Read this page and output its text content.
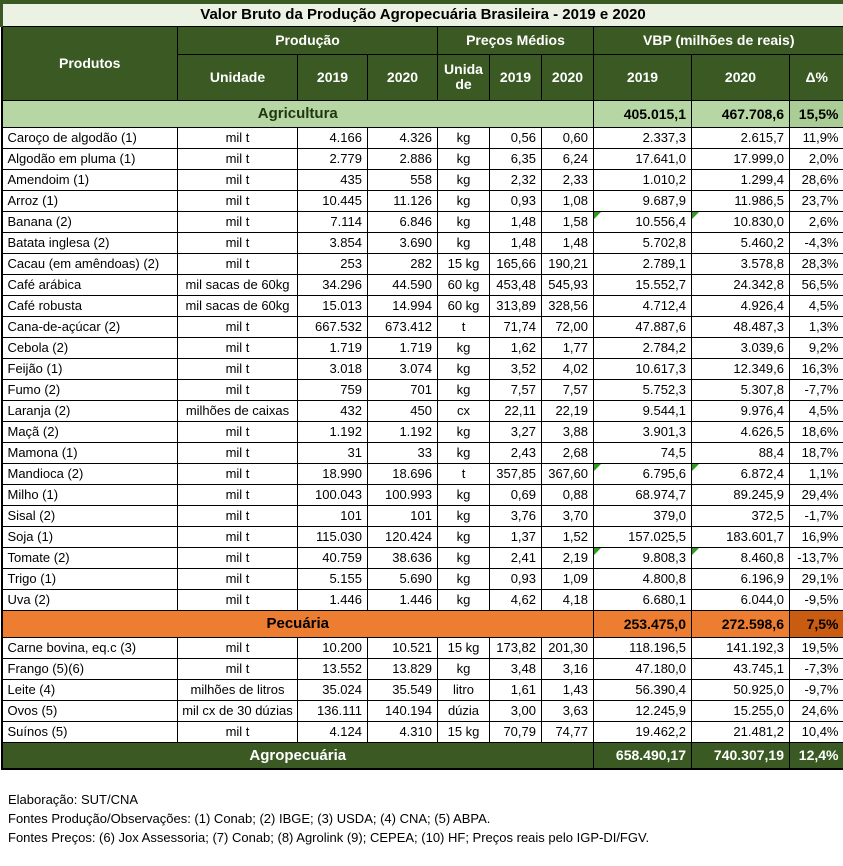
Valor Bruto da Produção Agropecuária Brasileira - 2019 e 2020									
Produtos	Produção			Preços Médios			VBP (milhões de reais)		
	Unidade	2019	2020	Unida de	2019	2020	2019	2020	Δ%
Agricultura							405.015,1	467.708,6	15,5%
Caroço de algodão (1)	mil t	4.166	4.326	kg	0,56	0,60	2.337,3	2.615,7	11,9%
Algodão em pluma (1)	mil t	2.779	2.886	kg	6,35	6,24	17.641,0	17.999,0	2,0%
Amendoim (1)	mil t	435	558	kg	2,32	2,33	1.010,2	1.299,4	28,6%
Arroz (1)	mil t	10.445	11.126	kg	0,93	1,08	9.687,9	11.986,5	23,7%
Banana (2)	mil t	7.114	6.846	kg	1,48	1,58	10.556,4	10.830,0	2,6%
Batata inglesa (2)	mil t	3.854	3.690	kg	1,48	1,48	5.702,8	5.460,2	-4,3%
Cacau (em amêndoas) (2)	mil t	253	282	15 kg	165,66	190,21	2.789,1	3.578,8	28,3%
Café arábica	mil sacas de 60kg	34.296	44.590	60 kg	453,48	545,93	15.552,7	24.342,8	56,5%
Café robusta	mil sacas de 60kg	15.013	14.994	60 kg	313,89	328,56	4.712,4	4.926,4	4,5%
Cana-de-açúcar (2)	mil t	667.532	673.412	t	71,74	72,00	47.887,6	48.487,3	1,3%
Cebola (2)	mil t	1.719	1.719	kg	1,62	1,77	2.784,2	3.039,6	9,2%
Feijão (1)	mil t	3.018	3.074	kg	3,52	4,02	10.617,3	12.349,6	16,3%
Fumo (2)	mil t	759	701	kg	7,57	7,57	5.752,3	5.307,8	-7,7%
Laranja (2)	milhões de caixas	432	450	cx	22,11	22,19	9.544,1	9.976,4	4,5%
Maçã (2)	mil t	1.192	1.192	kg	3,27	3,88	3.901,3	4.626,5	18,6%
Mamona (1)	mil t	31	33	kg	2,43	2,68	74,5	88,4	18,7%
Mandioca (2)	mil t	18.990	18.696	t	357,85	367,60	6.795,6	6.872,4	1,1%
Milho (1)	mil t	100.043	100.993	kg	0,69	0,88	68.974,7	89.245,9	29,4%
Sisal (2)	mil t	101	101	kg	3,76	3,70	379,0	372,5	-1,7%
Soja (1)	mil t	115.030	120.424	kg	1,37	1,52	157.025,5	183.601,7	16,9%
Tomate (2)	mil t	40.759	38.636	kg	2,41	2,19	9.808,3	8.460,8	-13,7%
Trigo (1)	mil t	5.155	5.690	kg	0,93	1,09	4.800,8	6.196,9	29,1%
Uva (2)	mil t	1.446	1.446	kg	4,62	4,18	6.680,1	6.044,0	-9,5%
Pecuária							253.475,0	272.598,6	7,5%
Carne bovina, eq.c (3)	mil t	10.200	10.521	15 kg	173,82	201,30	118.196,5	141.192,3	19,5%
Frango (5)(6)	mil t	13.552	13.829	kg	3,48	3,16	47.180,0	43.745,1	-7,3%
Leite (4)	milhões de litros	35.024	35.549	litro	1,61	1,43	56.390,4	50.925,0	-9,7%
Ovos (5)	mil cx de 30 dúzias	136.111	140.194	dúzia	3,00	3,63	12.245,9	15.255,0	24,6%
Suínos (5)	mil t	4.124	4.310	15 kg	70,79	74,77	19.462,2	21.481,2	10,4%
Agropecuária							658.490,17	740.307,19	12,4%
Elaboração: SUT/CNA
Fontes Produção/Observações: (1) Conab; (2) IBGE; (3) USDA; (4) CNA; (5) ABPA.
Fontes Preços: (6) Jox Assessoria; (7) Conab; (8) Agrolink (9); CEPEA; (10) HF; Preços reais pelo IGP-DI/FGV.
